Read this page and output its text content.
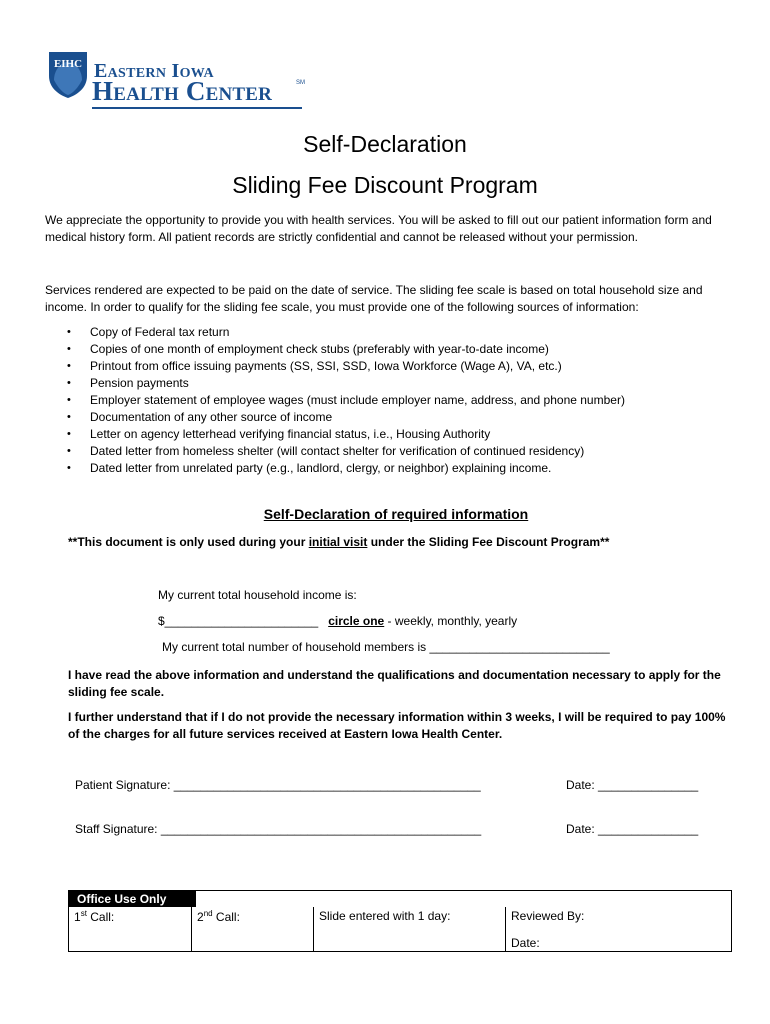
EIHC Eastern Iowa
Health Center	SM
Self-Declaration
Sliding Fee Discount Program
We appreciate the opportunity to provide you with health services. You will be asked to fill out our patient information form and medical history form. All patient records are strictly confidential and cannot be released without your permission.
Services rendered are expected to be paid on the date of service. The sliding fee scale is based on total household size and income. In order to qualify for the sliding fee scale, you must provide one of the following sources of information:
• Copy of Federal tax return
• Copies of one month of employment check stubs (preferably with year-to-date income)
• Printout from office issuing payments (SS, SSI, SSD, Iowa Workforce (Wage A), VA, etc.)
• Pension payments
• Employer statement of employee wages (must include employer name, address, and phone number)
• Documentation of any other source of income
• Letter on agency letterhead verifying financial status, i.e., Housing Authority
• Dated letter from homeless shelter (will contact shelter for verification of continued residency)
• Dated letter from unrelated party (e.g., landlord, clergy, or neighbor) explaining income.
Self-Declaration of required information
**This document is only used during your initial visit under the Sliding Fee Discount Program**
My current total household income is:
$_______________________ circle one - weekly, monthly, yearly
My current total number of household members is ___________________________
I have read the above information and understand the qualifications and documentation necessary to apply for the sliding fee scale.
I further understand that if I do not provide the necessary information within 3 weeks, I will be required to pay 100% of the charges for all future services received at Eastern Iowa Health Center.
Patient Signature: ______________________________________________	Date: _______________
Staff Signature: ________________________________________________	Date: _______________
Office Use Only
1st Call:	2nd Call:	Slide entered with 1 day:	Reviewed By:
Date:
